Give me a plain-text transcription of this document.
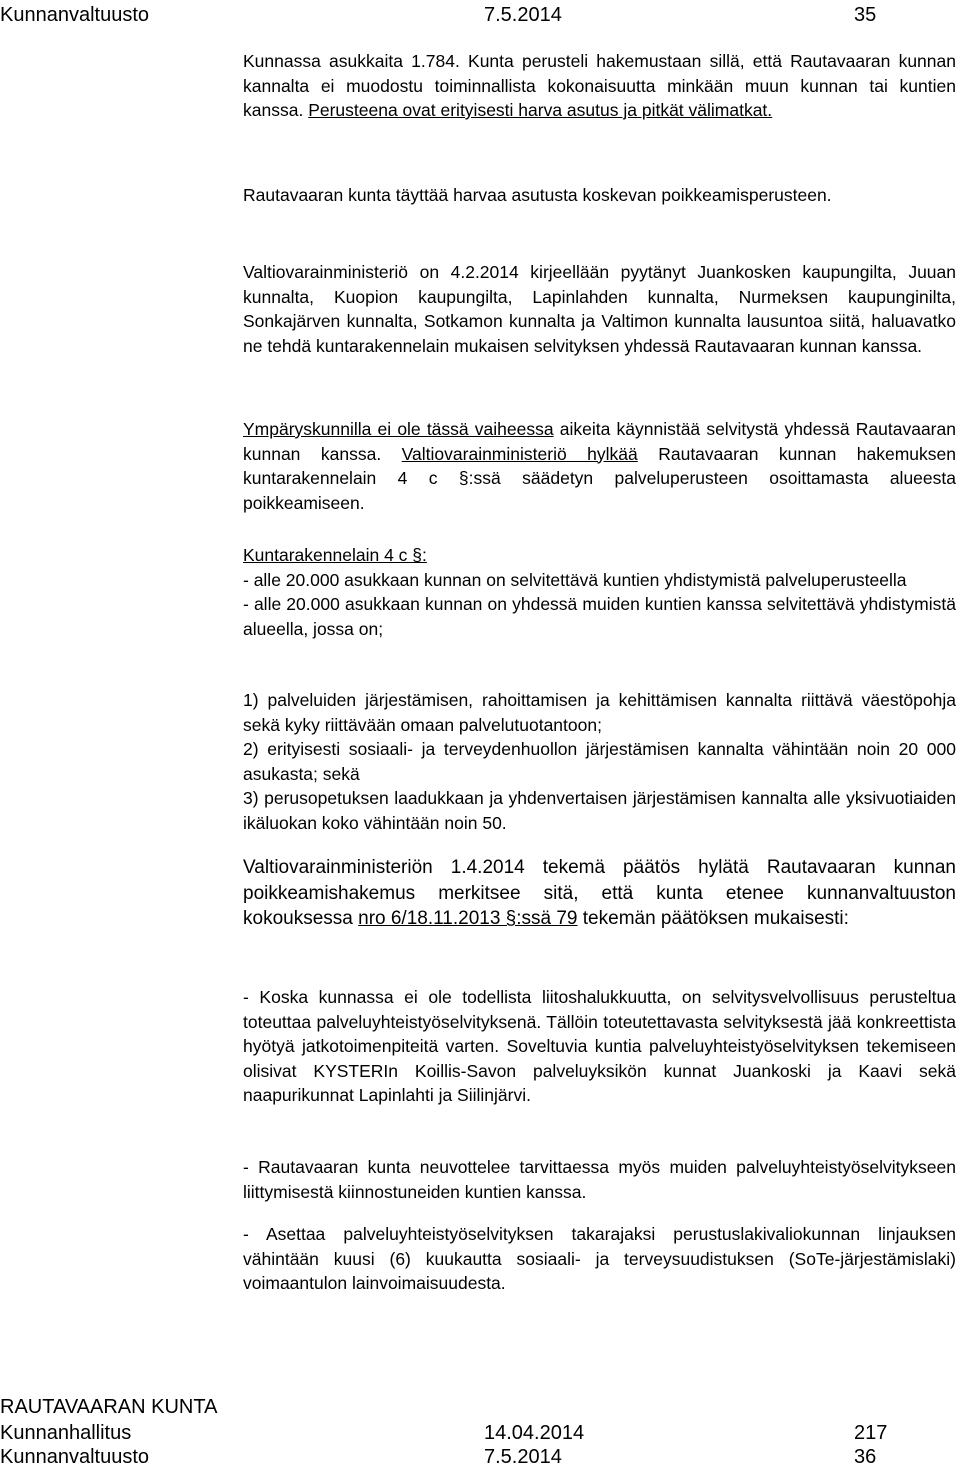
Kunnanvaltuusto	7.5.2014	35

Kunnassa asukkaita 1.784. Kunta perusteli hakemustaan sillä, että Rautavaaran kunnan kannalta ei muodostu toiminnallista kokonaisuutta minkään muun kunnan tai kuntien kanssa. Perusteena ovat erityisesti harva asutus ja pitkät välimatkat.

Rautavaaran kunta täyttää harvaa asutusta koskevan poikkeamisperusteen.

Valtiovarainministeriö on 4.2.2014 kirjeellään pyytänyt Juankosken kaupungilta, Juuan kunnalta, Kuopion kaupungilta, Lapinlahden kunnalta, Nurmeksen kaupunginilta, Sonkajärven kunnalta, Sotkamon kunnalta ja Valtimon kunnalta lausuntoa siitä, haluavatko ne tehdä kuntarakennelain mukaisen selvityksen yhdessä Rautavaaran kunnan kanssa.

Ympäryskunnilla ei ole tässä vaiheessa aikeita käynnistää selvitystä yhdessä Rautavaaran kunnan kanssa. Valtiovarainministeriö hylkää Rautavaaran kunnan hakemuksen kuntarakennelain 4 c §:ssä säädetyn palveluperusteen osoittamasta alueesta poikkeamiseen.

Kuntarakennelain 4 c §:

- alle 20.000 asukkaan kunnan on selvitettävä kuntien yhdistymistä palveluperusteella

- alle 20.000 asukkaan kunnan on yhdessä muiden kuntien kanssa selvitettävä yhdistymistä alueella, jossa on;

1) palveluiden järjestämisen, rahoittamisen ja kehittämisen kannalta riittävä väestöpohja sekä kyky riittävään omaan palvelutuotantoon;

2) erityisesti sosiaali- ja terveydenhuollon järjestämisen kannalta vähintään noin 20 000 asukasta; sekä

3) perusopetuksen laadukkaan ja yhdenvertaisen järjestämisen kannalta alle yksivuotiaiden ikäluokan koko vähintään noin 50.

Valtiovarainministeriön 1.4.2014 tekemä päätös hylätä Rautavaaran kunnan poikkeamishakemus merkitsee sitä, että kunta etenee kunnanvaltuuston kokouksessa nro 6/18.11.2013 §:ssä 79 tekemän päätöksen mukaisesti:

- Koska kunnassa ei ole todellista liitoshalukkuutta, on selvitysvelvollisuus perusteltua toteuttaa palveluyhteistyöselvityksenä. Tällöin toteutettavasta selvityksestä jää konkreettista hyötyä jatkotoimenpiteitä varten. Soveltuvia kuntia palveluyhteistyöselvityksen tekemiseen olisivat KYSTERIn Koillis-Savon palveluyksikön kunnat Juankoski ja Kaavi sekä naapurikunnat Lapinlahti ja Siilinjärvi.

- Rautavaaran kunta neuvottelee tarvittaessa myös muiden palveluyhteistyöselvitykseen liittymisestä kiinnostuneiden kuntien kanssa.

- Asettaa palveluyhteistyöselvityksen takarajaksi perustuslakivaliokunnan linjauksen vähintään kuusi (6) kuukautta sosiaali- ja terveysuudistuksen (SoTe-järjestämislaki) voimaantulon lainvoimaisuudesta.

RAUTAVAARAN KUNTA
Kunnanhallitus	14.04.2014	217
Kunnanvaltuusto	7.5.2014	36
